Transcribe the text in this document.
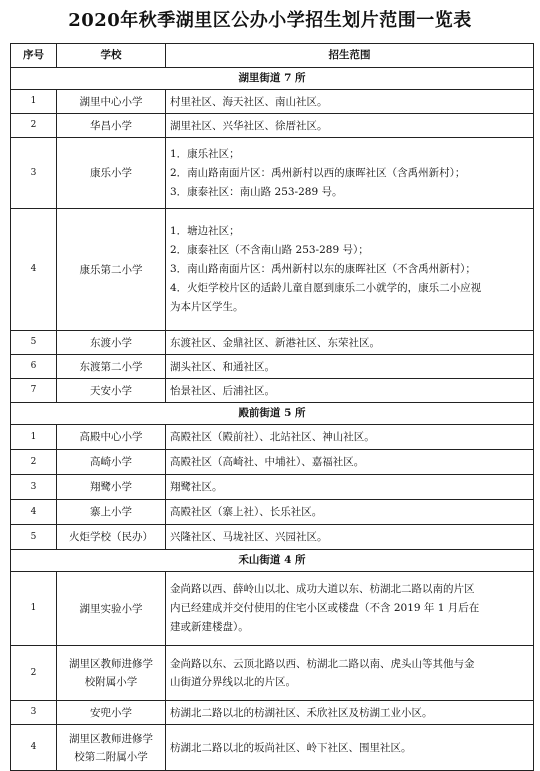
2020年秋季湖里区公办小学招生划片范围一览表
序号	学校	招生范围
湖里街道 7 所		
1	湖里中心小学	村里社区、海天社区、南山社区。

2	华昌小学	湖里社区、兴华社区、徐厝社区。

3	康乐小学	1．康乐社区；
2．南山路南面片区：禹州新村以西的康晖社区（含禹州新村）；
3．康泰社区：南山路 253-289 号。

4	康乐第二小学	1．塘边社区；
2．康泰社区（不含南山路 253-289 号）；
3．南山路南面片区：禹州新村以东的康晖社区（不含禹州新村）；
4．火炬学校片区的适龄儿童自愿到康乐二小就学的，康乐二小应视
为本片区学生。

5	东渡小学	东渡社区、金鼎社区、新港社区、东荣社区。

6	东渡第二小学	湖头社区、和通社区。

7	天安小学	怡景社区、后浦社区。

殿前街道 5 所		
1	高殿中心小学	高殿社区（殿前社）、北站社区、神山社区。

2	高崎小学	高殿社区（高崎社、中埔社）、嘉福社区。

3	翔鹭小学	翔鹭社区。

4	寨上小学	高殿社区（寨上社）、长乐社区。

5	火炬学校（民办）	兴隆社区、马垅社区、兴园社区。

禾山街道 4 所		
1	湖里实验小学	金尚路以西、薛岭山以北、成功大道以东、枋湖北二路以南的片区
内已经建成并交付使用的住宅小区或楼盘（不含 2019 年 1 月后在
建或新建楼盘）。

2	湖里区教师进修学
校附属小学	金尚路以东、云顶北路以西、枋湖北二路以南、虎头山等其他与金
山街道分界线以北的片区。

3	安兜小学	枋湖北二路以北的枋湖社区、禾欣社区及枋湖工业小区。

4	湖里区教师进修学
校第二附属小学	枋湖北二路以北的坂尚社区、岭下社区、围里社区。
